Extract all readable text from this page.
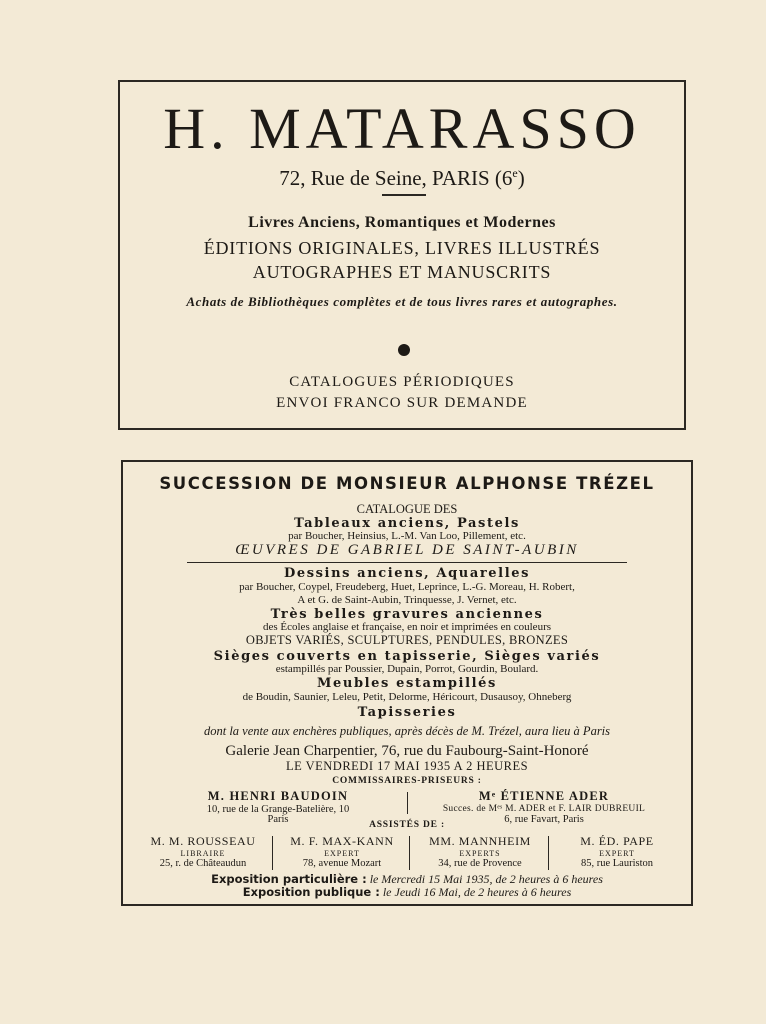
H. MATARASSO
72, Rue de Seine, PARIS (6e)
Livres Anciens, Romantiques et Modernes
ÉDITIONS ORIGINALES, LIVRES ILLUSTRÉS
AUTOGRAPHES ET MANUSCRITS
Achats de Bibliothèques complètes et de tous livres rares et autographes.
CATALOGUES PÉRIODIQUES
ENVOI FRANCO SUR DEMANDE
SUCCESSION DE MONSIEUR ALPHONSE TRÉZEL
CATALOGUE DES
Tableaux anciens, Pastels
par Boucher, Heinsius, L.-M. Van Loo, Pillement, etc.
ŒUVRES DE GABRIEL DE SAINT-AUBIN
Dessins anciens, Aquarelles
par Boucher, Coypel, Freudeberg, Huet, Leprince, L.-G. Moreau, H. Robert,
A et G. de Saint-Aubin, Trinquesse, J. Vernet, etc.
Très belles gravures anciennes
des Écoles anglaise et française, en noir et imprimées en couleurs
OBJETS VARIÉS, SCULPTURES, PENDULES, BRONZES
Sièges couverts en tapisserie, Sièges variés
estampillés par Poussier, Dupain, Porrot, Gourdin, Boulard.
Meubles estampillés
de Boudin, Saunier, Leleu, Petit, Delorme, Héricourt, Dusausoy, Ohneberg
Tapisseries
dont la vente aux enchères publiques, après décès de M. Trézel, aura lieu à Paris
Galerie Jean Charpentier, 76, rue du Faubourg-Saint-Honoré
LE VENDREDI 17 MAI 1935 A 2 HEURES
COMMISSAIRES-PRISEURS :
M. HENRI BAUDOIN
10, rue de la Grange-Batelière, 10
Paris
Mᵉ ÉTIENNE ADER
Succes. de Mᵉˢ M. ADER et F. LAIR DUBREUIL
6, rue Favart, Paris
ASSISTÉS DE :
M. M. ROUSSEAU
LIBRAIRE
25, r. de Châteaudun
M. F. MAX-KANN
EXPERT
78, avenue Mozart
MM. MANNHEIM
EXPERTS
34, rue de Provence
M. ÉD. PAPE
EXPERT
85, rue Lauriston
Exposition particulière : le Mercredi 15 Mai 1935, de 2 heures à 6 heures
Exposition publique : le Jeudi 16 Mai, de 2 heures à 6 heures
